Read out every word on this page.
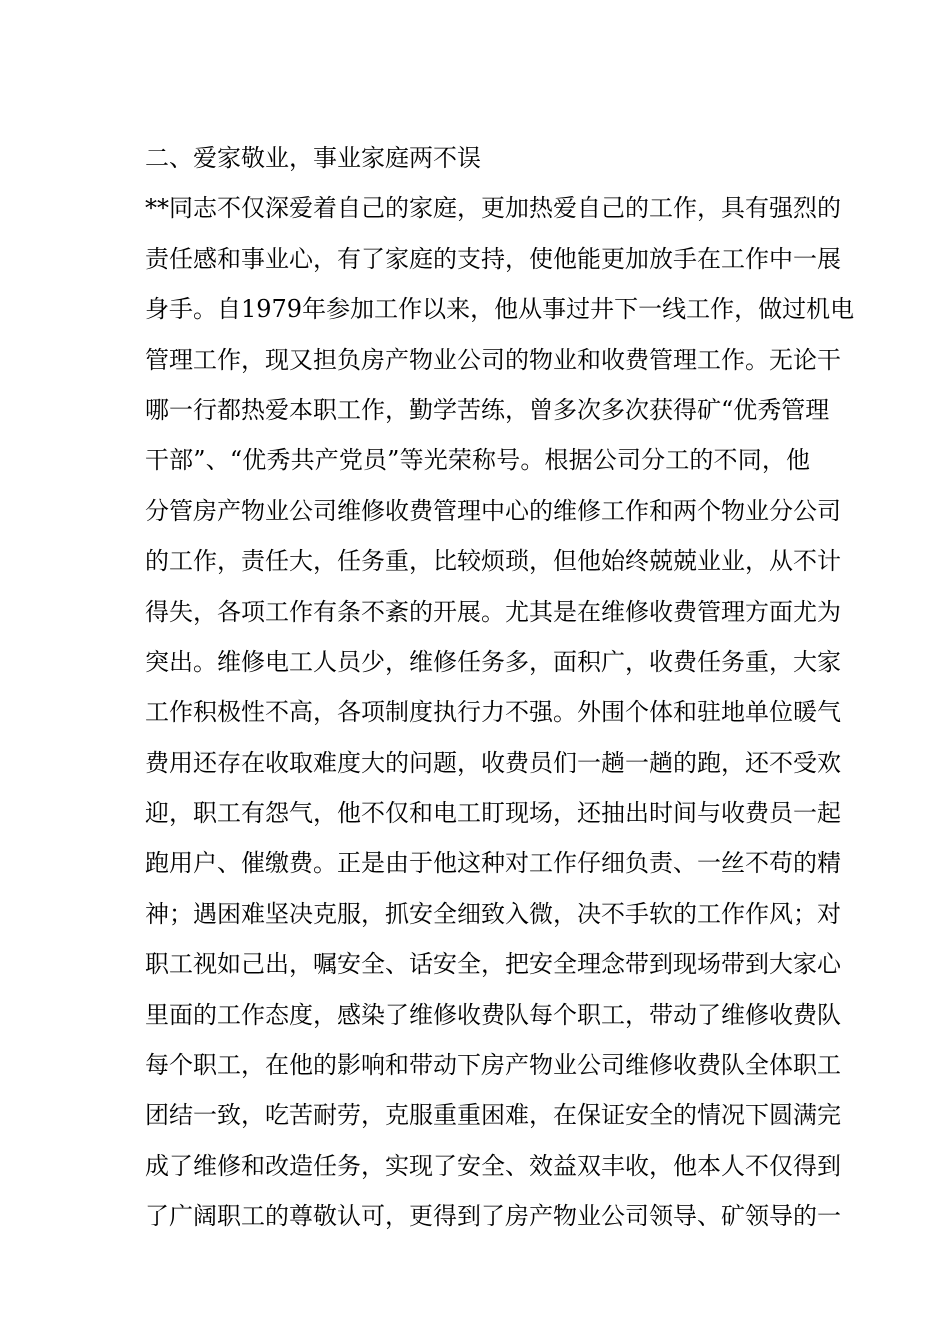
二、爱家敬业，事业家庭两不误
**同志不仅深爱着自己的家庭，更加热爱自己的工作，具有强烈的
责任感和事业心，有了家庭的支持，使他能更加放手在工作中一展
身手。自1979年参加工作以来，他从事过井下一线工作，做过机电
管理工作，现又担负房产物业公司的物业和收费管理工作。无论干
哪一行都热爱本职工作，勤学苦练，曾多次多次获得矿“优秀管理
干部”、“优秀共产党员”等光荣称号。根据公司分工的不同，他
分管房产物业公司维修收费管理中心的维修工作和两个物业分公司
的工作，责任大，任务重，比较烦琐，但他始终兢兢业业，从不计
得失，各项工作有条不紊的开展。尤其是在维修收费管理方面尤为
突出。维修电工人员少，维修任务多，面积广，收费任务重，大家
工作积极性不高，各项制度执行力不强。外围个体和驻地单位暖气
费用还存在收取难度大的问题，收费员们一趟一趟的跑，还不受欢
迎，职工有怨气，他不仅和电工盯现场，还抽出时间与收费员一起
跑用户、催缴费。正是由于他这种对工作仔细负责、一丝不苟的精
神；遇困难坚决克服，抓安全细致入微，决不手软的工作作风；对
职工视如己出，嘱安全、话安全，把安全理念带到现场带到大家心
里面的工作态度，感染了维修收费队每个职工，带动了维修收费队
每个职工，在他的影响和带动下房产物业公司维修收费队全体职工
团结一致，吃苦耐劳，克服重重困难，在保证安全的情况下圆满完
成了维修和改造任务，实现了安全、效益双丰收，他本人不仅得到
了广阔职工的尊敬认可，更得到了房产物业公司领导、矿领导的一
